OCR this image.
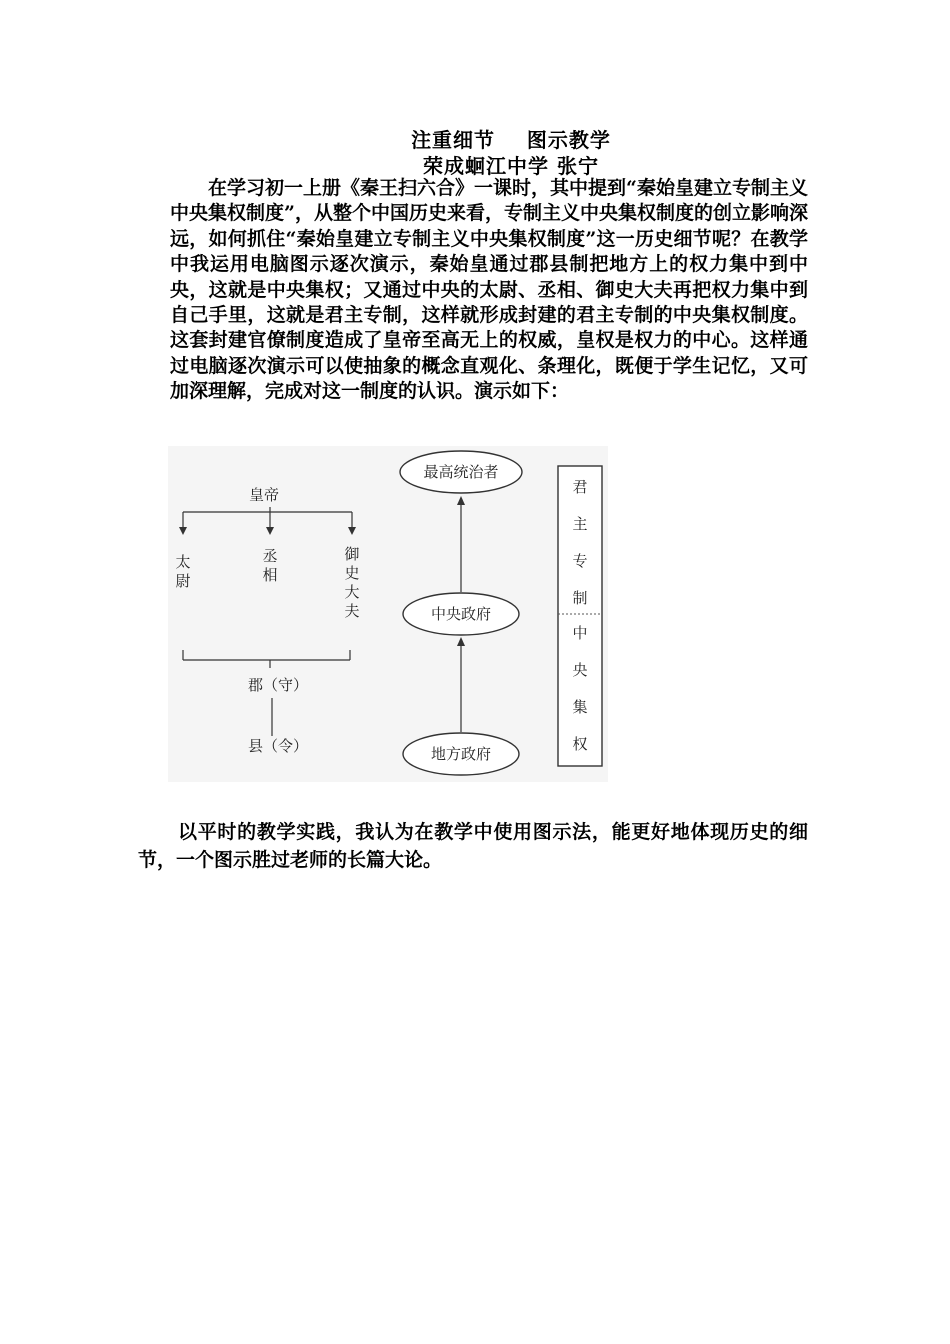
注重细节    图示教学
荣成蛔江中学 张宁
在学习初一上册《秦王扫六合》一课时，其中提到“秦始皇建立专制主义中央集权制度”，从整个中国历史来看，专制主义中央集权制度的创立影响深远，如何抓住“秦始皇建立专制主义中央集权制度”这一历史细节呢？在教学中我运用电脑图示逐次演示，秦始皇通过郡县制把地方上的权力集中到中央，这就是中央集权；又通过中央的太尉、丞相、御史大夫再把权力集中到自己手里，这就是君主专制，这样就形成封建的君主专制的中央集权制度。这套封建官僚制度造成了皇帝至高无上的权威，皇权是权力的中心。这样通过电脑逐次演示可以使抽象的概念直观化、条理化，既便于学生记忆，又可加深理解，完成对这一制度的认识。演示如下：
皇帝
太尉
丞相
御史大夫
郡（守）
县（令）
最高统治者
中央政府
地方政府
君主专制
中央集权
以平时的教学实践，我认为在教学中使用图示法，能更好地体现历史的细节，一个图示胜过老师的长篇大论。
